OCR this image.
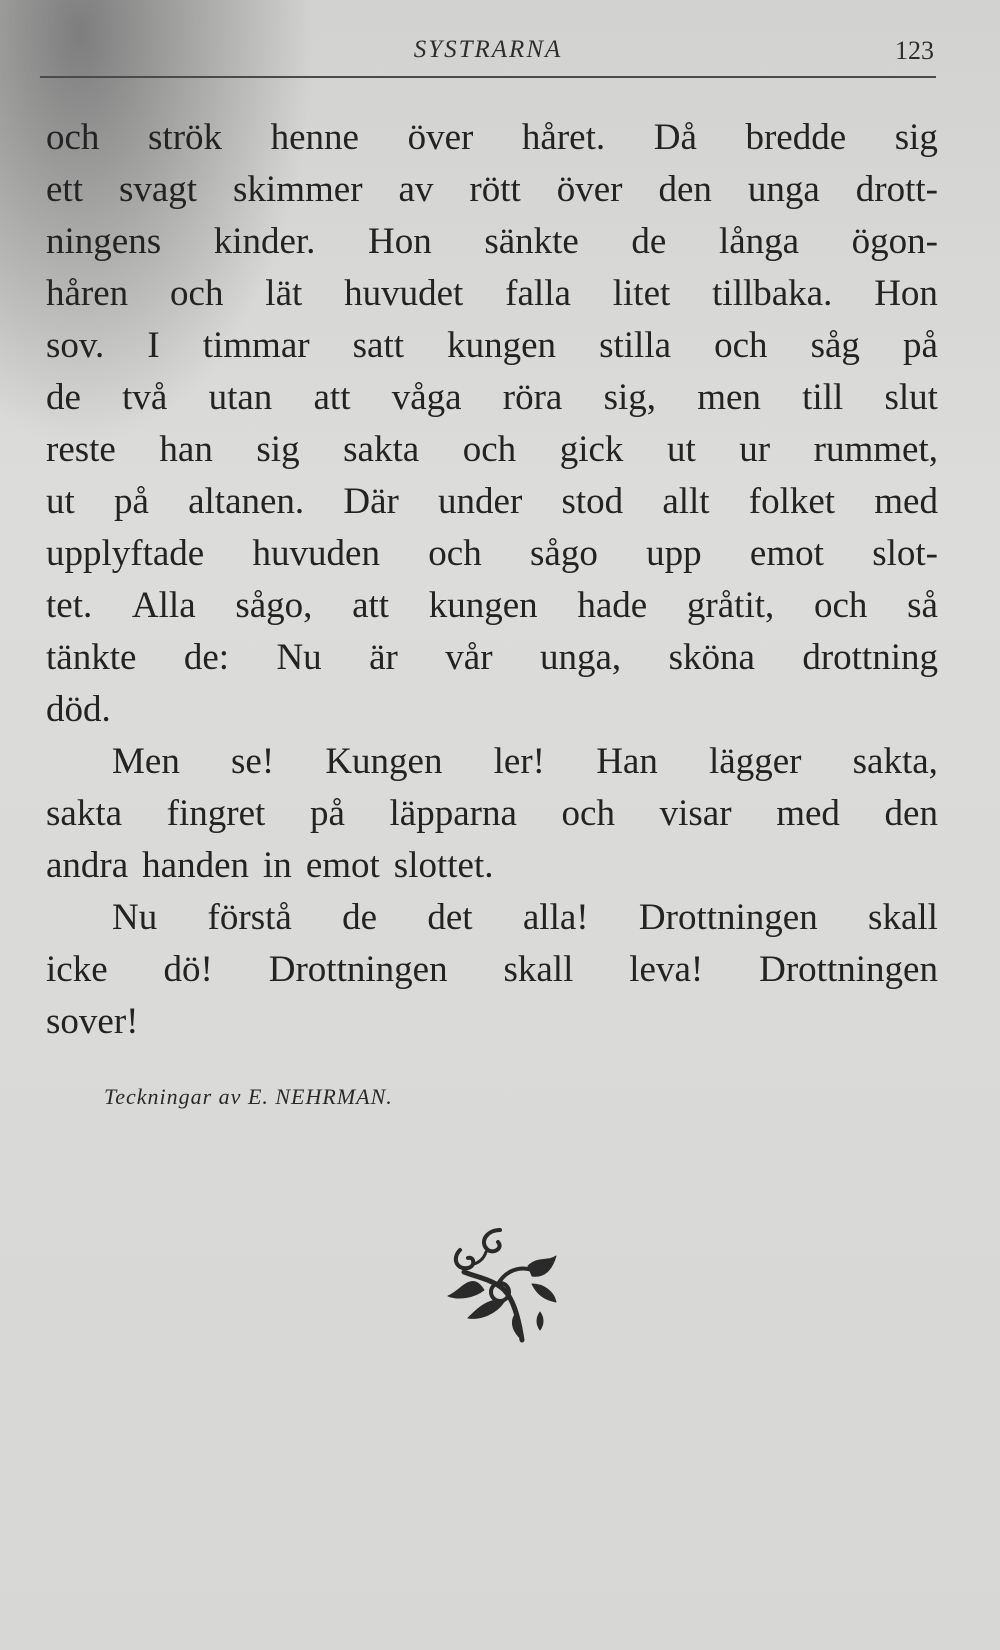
SYSTRARNA	123
och strök henne över håret. Då bredde sig
ett svagt skimmer av rött över den unga drott-
ningens kinder. Hon sänkte de långa ögon-
håren och lät huvudet falla litet tillbaka. Hon
sov. I timmar satt kungen stilla och såg på
de två utan att våga röra sig, men till slut
reste han sig sakta och gick ut ur rummet,
ut på altanen. Där under stod allt folket med
upplyftade huvuden och sågo upp emot slot-
tet. Alla sågo, att kungen hade gråtit, och så
tänkte de: Nu är vår unga, sköna drottning
död.
Men se! Kungen ler! Han lägger sakta,
sakta fingret på läpparna och visar med den
andra handen in emot slottet.
Nu förstå de det alla! Drottningen skall
icke dö! Drottningen skall leva! Drottningen
sover!
Teckningar av E. NEHRMAN.
